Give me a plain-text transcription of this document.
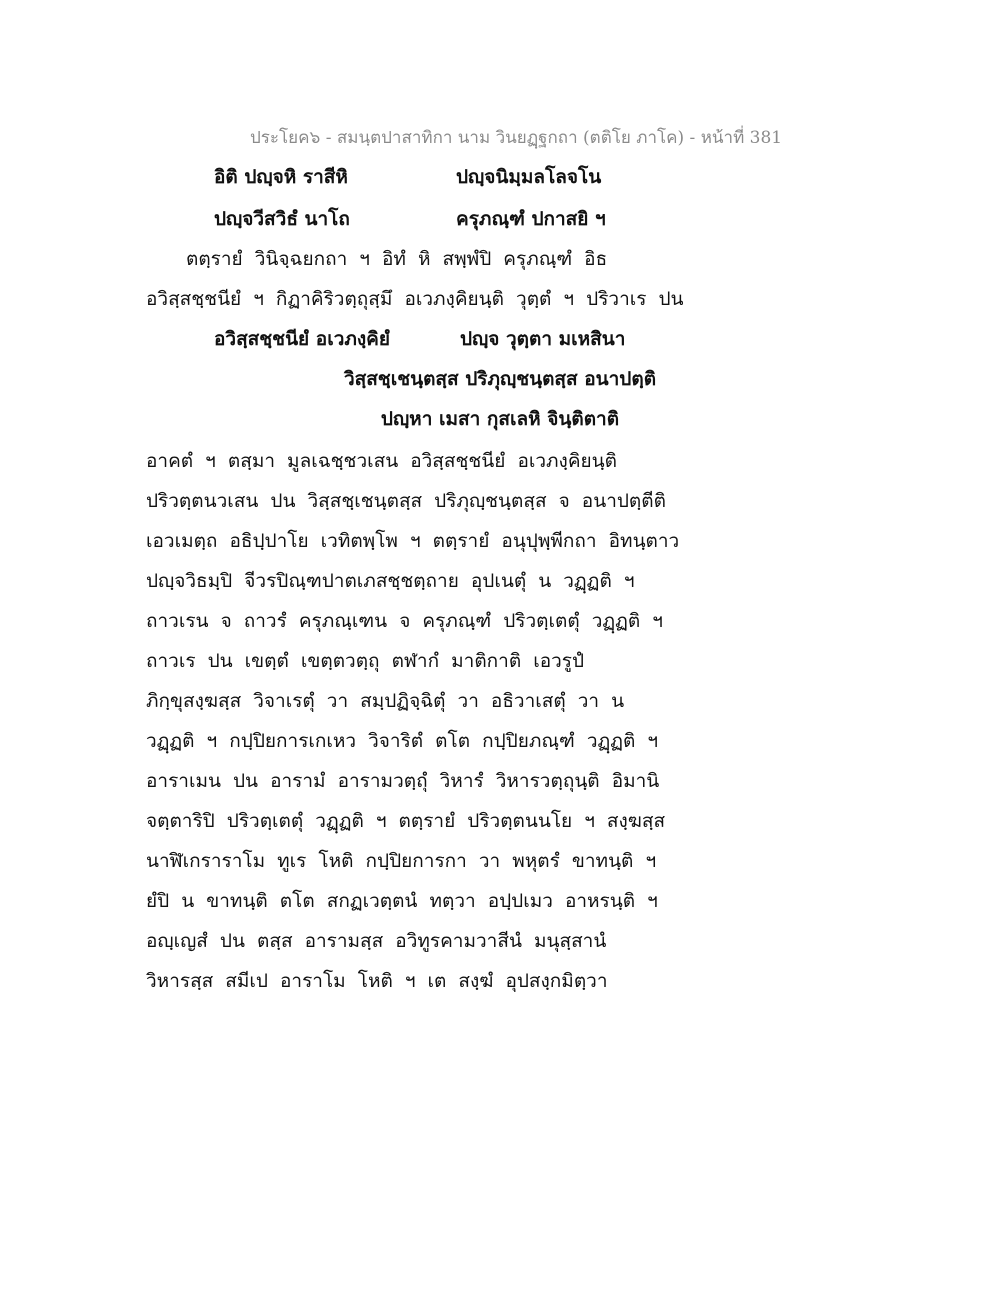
ประโยค๖ - สมนฺตปาสาทิกา นาม วินยฏฺฐกถา (ตติโย ภาโค) - หน้าที่ 381
อิติ ปญฺจหิ ราสีหิ	ปญฺจนิมฺมลโลจโน
ปญฺจวีสวิธํ นาโถ	ครุภณฺฑํ ปกาสยิ ฯ
ตตฺรายํ วินิจฺฉยกถา ฯ อิทํ หิ สพฺพํปิ ครุภณฺฑํ อิธ
อวิสฺสชฺชนียํ ฯ กิฏาคิริวตฺถุสฺมึ อเวภงฺคิยนฺติ วุตฺตํ ฯ ปริวาเร ปน
อวิสฺสชฺชนียํ อเวภงฺคิยํ	ปญฺจ วุตฺตา มเหสินา
วิสฺสชฺเชนฺตสฺส ปริภุญฺชนฺตสฺส อนาปตฺติ
ปญฺหา เมสา กุสเลหิ จินฺติตาติ
อาคตํ ฯ ตสฺมา มูลเฉชฺชวเสน อวิสฺสชฺชนียํ อเวภงฺคิยนฺติ
ปริวตฺตนวเสน ปน วิสฺสชฺเชนฺตสฺส ปริภุญฺชนฺตสฺส จ อนาปตฺตีติ
เอวเมตฺถ อธิปฺปาโย เวทิตพฺโพ ฯ ตตฺรายํ อนุปุพฺพีกถา อิทนฺตาว
ปญฺจวิธมฺปิ จีวรปิณฺฑปาตเภสชฺชตฺถาย อุปเนตุํ น วฏฺฏติ ฯ
ถาวเรน จ ถาวรํ ครุภณฺเฑน จ ครุภณฺฑํ ปริวตฺเตตุํ วฏฺฏติ ฯ
ถาวเร ปน เขตฺตํ เขตฺตวตฺถุ ตฬากํ มาติกาติ เอวรูปํ
ภิกฺขุสงฺฆสฺส วิจาเรตุํ วา สมฺปฏิจฺฉิตุํ วา อธิวาเสตุํ วา น
วฏฺฏติ ฯ กปฺปิยการเกเหว วิจาริตํ ตโต กปฺปิยภณฺฑํ วฏฺฏติ ฯ
อาราเมน ปน อารามํ อารามวตฺถุํ วิหารํ วิหารวตฺถุนฺติ อิมานิ
จตฺตาริปิ ปริวตฺเตตุํ วฏฺฏติ ฯ ตตฺรายํ ปริวตฺตนนโย ฯ สงฺฆสฺส
นาฬิเกราราโม ทูเร โหติ กปฺปิยการกา วา พหุตรํ ขาทนฺติ ฯ
ยํปิ น ขาทนฺติ ตโต สกฏเวตฺตนํ ทตฺวา อปฺปเมว อาหรนฺติ ฯ
อญฺเญสํ ปน ตสฺส อารามสฺส อวิทูรคามวาสีนํ มนุสฺสานํ
วิหารสฺส สมีเป อาราโม โหติ ฯ เต สงฺฆํ อุปสงฺกมิตฺวา
